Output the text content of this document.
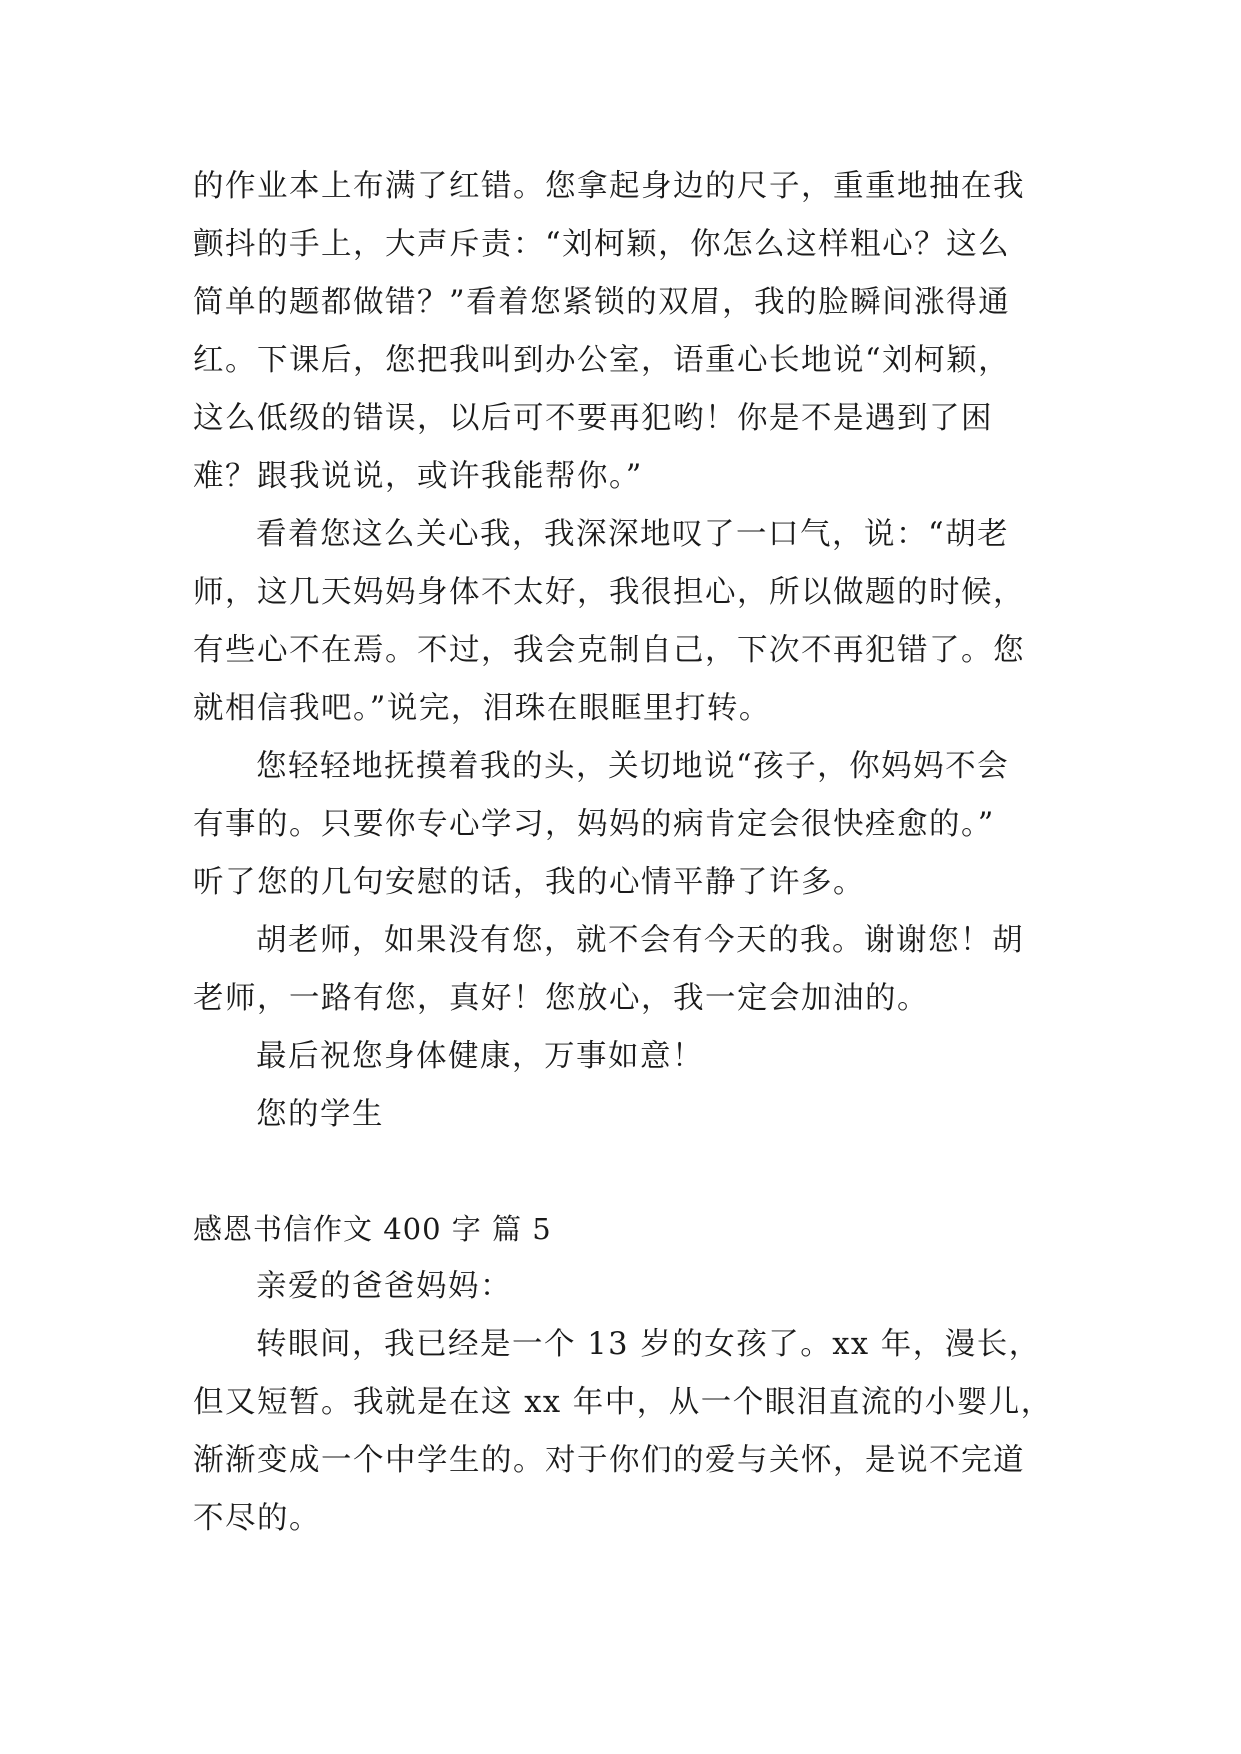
的作业本上布满了红错。您拿起身边的尺子，重重地抽在我
颤抖的手上，大声斥责：“刘柯颖，你怎么这样粗心？这么
简单的题都做错？”看着您紧锁的双眉，我的脸瞬间涨得通
红。下课后，您把我叫到办公室，语重心长地说“刘柯颖，
这么低级的错误，以后可不要再犯哟！你是不是遇到了困
难？跟我说说，或许我能帮你。”
看着您这么关心我，我深深地叹了一口气，说：“胡老
师，这几天妈妈身体不太好，我很担心，所以做题的时候，
有些心不在焉。不过，我会克制自己，下次不再犯错了。您
就相信我吧。”说完，泪珠在眼眶里打转。
您轻轻地抚摸着我的头，关切地说“孩子，你妈妈不会
有事的。只要你专心学习，妈妈的病肯定会很快痊愈的。”
听了您的几句安慰的话，我的心情平静了许多。
胡老师，如果没有您，就不会有今天的我。谢谢您！胡
老师，一路有您，真好！您放心，我一定会加油的。
最后祝您身体健康，万事如意！
您的学生
感恩书信作文 400 字 篇 5
亲爱的爸爸妈妈：
转眼间，我已经是一个 13 岁的女孩了。xx 年，漫长，
但又短暂。我就是在这 xx 年中，从一个眼泪直流的小婴儿，
渐渐变成一个中学生的。对于你们的爱与关怀，是说不完道
不尽的。
